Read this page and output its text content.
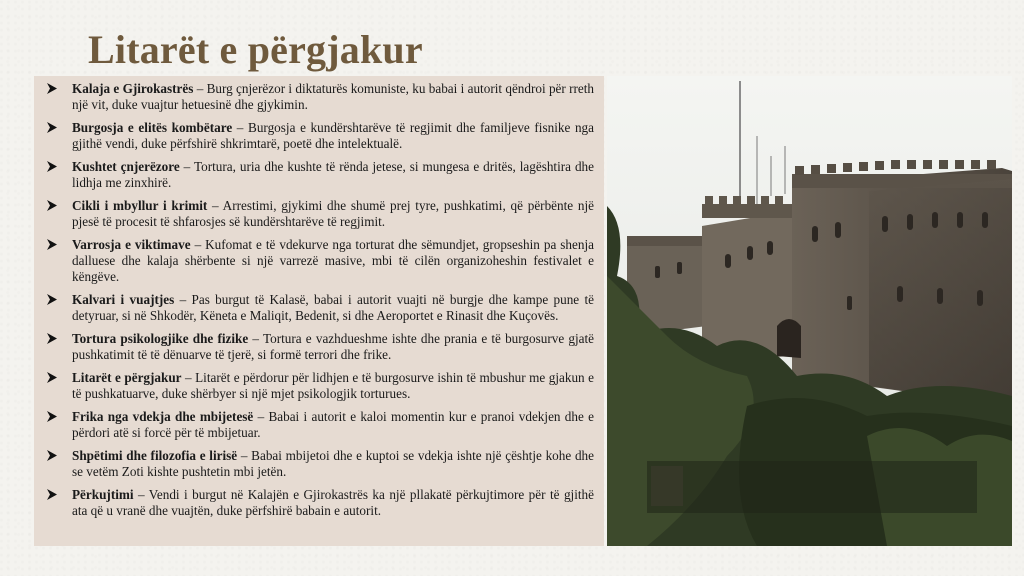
Litarët e përgjakur
Kalaja e Gjirokastrës – Burg çnjerëzor i diktaturës komuniste, ku babai i autorit qëndroi për rreth një vit, duke vuajtur hetuesinë dhe gjykimin.
Burgosja e elitës kombëtare – Burgosja e kundërshtarëve të regjimit dhe familjeve fisnike nga gjithë vendi, duke përfshirë shkrimtarë, poetë dhe intelektualë.
Kushtet çnjerëzore – Tortura, uria dhe kushte të rënda jetese, si mungesa e dritës, lagështira dhe lidhja me zinxhirë.
Cikli i mbyllur i krimit – Arrestimi, gjykimi dhe shumë prej tyre, pushkatimi, që përbënte një pjesë të procesit të shfarosjes së kundërshtarëve të regjimit.
Varrosja e viktimave – Kufomat e të vdekurve nga torturat dhe sëmundjet, gropseshin pa shenja dalluese dhe kalaja shërbente si një varrezë masive, mbi të cilën organizoheshin festivalet e këngëve.
Kalvari i vuajtjes – Pas burgut të Kalasë, babai i autorit vuajti në burgje dhe kampe pune të detyruar, si në Shkodër, Këneta e Maliqit, Bedenit, si dhe Aeroportet e Rinasit dhe Kuçovës.
Tortura psikologjike dhe fizike – Tortura e vazhdueshme ishte dhe prania e të burgosurve gjatë pushkatimit të të dënuarve të tjerë, si formë terrori dhe frike.
Litarët e përgjakur – Litarët e përdorur për lidhjen e të burgosurve ishin të mbushur me gjakun e të pushkatuarve, duke shërbyer si një mjet psikologjik torturues.
Frika nga vdekja dhe mbijetesë – Babai i autorit e kaloi momentin kur e pranoi vdekjen dhe e përdori atë si forcë për të mbijetuar.
Shpëtimi dhe filozofia e lirisë – Babai mbijetoi dhe e kuptoi se vdekja ishte një çështje kohe dhe se vetëm Zoti kishte pushtetin mbi jetën.
Përkujtimi – Vendi i burgut në Kalajën e Gjirokastrës ka një pllakatë përkujtimore për të gjithë ata që u vranë dhe vuajtën, duke përfshirë babain e autorit.
